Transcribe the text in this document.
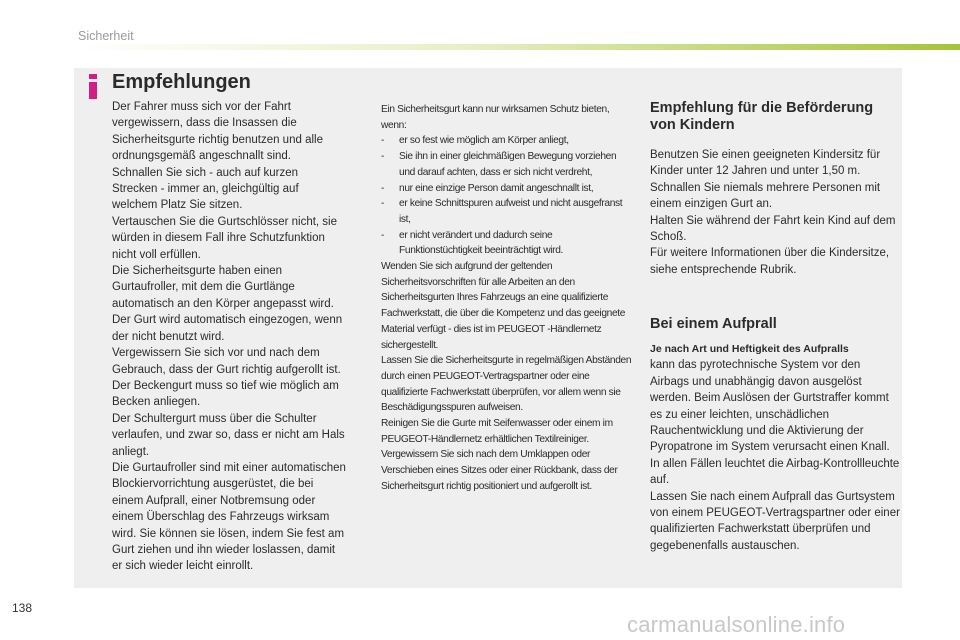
Sicherheit
Empfehlungen

Der Fahrer muss sich vor der Fahrt
vergewissern, dass die Insassen die
Sicherheitsgurte richtig benutzen und alle
ordnungsgemäß angeschnallt sind.

Schnallen Sie sich - auch auf kurzen
Strecken - immer an, gleichgültig auf
welchem Platz Sie sitzen.

Vertauschen Sie die Gurtschlösser nicht, sie
würden in diesem Fall ihre Schutzfunktion
nicht voll erfüllen.

Die Sicherheitsgurte haben einen
Gurtaufroller, mit dem die Gurtlänge
automatisch an den Körper angepasst wird.
Der Gurt wird automatisch eingezogen, wenn
der nicht benutzt wird.

Vergewissern Sie sich vor und nach dem
Gebrauch, dass der Gurt richtig aufgerollt ist.

Der Beckengurt muss so tief wie möglich am
Becken anliegen.

Der Schultergurt muss über die Schulter
verlaufen, und zwar so, dass er nicht am Hals
anliegt.

Die Gurtaufroller sind mit einer automatischen
Blockiervorrichtung ausgerüstet, die bei
einem Aufprall, einer Notbremsung oder
einem Überschlag des Fahrzeugs wirksam
wird. Sie können sie lösen, indem Sie fest am
Gurt ziehen und ihn wieder loslassen, damit
er sich wieder leicht einrollt.

Ein Sicherheitsgurt kann nur wirksamen Schutz bieten, wenn:

-	er so fest wie möglich am Körper anliegt,
-	Sie ihn in einer gleichmäßigen Bewegung vorziehen und darauf achten, dass er sich nicht verdreht,
-	nur eine einzige Person damit angeschnallt ist,
-	er keine Schnittspuren aufweist und nicht ausgefranst ist,
-	er nicht verändert und dadurch seine Funktionstüchtigkeit beeinträchtigt wird.

Wenden Sie sich aufgrund der geltenden Sicherheitsvorschriften für alle Arbeiten an den Sicherheitsgurten Ihres Fahrzeugs an eine qualifizierte Fachwerkstatt, die über die Kompetenz und das geeignete Material verfügt - dies ist im PEUGEOT -Händlernetz sichergestellt.

Lassen Sie die Sicherheitsgurte in regelmäßigen Abständen durch einen PEUGEOT-Vertragspartner oder eine qualifizierte Fachwerkstatt überprüfen, vor allem wenn sie Beschädigungsspuren aufweisen.

Reinigen Sie die Gurte mit Seifenwasser oder einem im PEUGEOT-Händlernetz erhältlichen Textilreiniger.

Vergewissern Sie sich nach dem Umklappen oder Verschieben eines Sitzes oder einer Rückbank, dass der Sicherheitsgurt richtig positioniert und aufgerollt ist.

Empfehlung für die Beförderung von Kindern

Benutzen Sie einen geeigneten Kindersitz für Kinder unter 12 Jahren und unter 1,50 m.

Schnallen Sie niemals mehrere Personen mit einem einzigen Gurt an.

Halten Sie während der Fahrt kein Kind auf dem Schoß.

Für weitere Informationen über die Kindersitze, siehe entsprechende Rubrik.

Bei einem Aufprall

Je nach Art und Heftigkeit des Aufpralls

kann das pyrotechnische System vor den Airbags und unabhängig davon ausgelöst werden. Beim Auslösen der Gurtstraffer kommt es zu einer leichten, unschädlichen Rauchentwicklung und die Aktivierung der Pyropatrone im System verursacht einen Knall.

In allen Fällen leuchtet die Airbag-Kontrollleuchte auf.

Lassen Sie nach einem Aufprall das Gurtsystem von einem PEUGEOT-Vertragspartner oder einer qualifizierten Fachwerkstatt überprüfen und gegebenenfalls austauschen.

138
carmanualsonline.info
